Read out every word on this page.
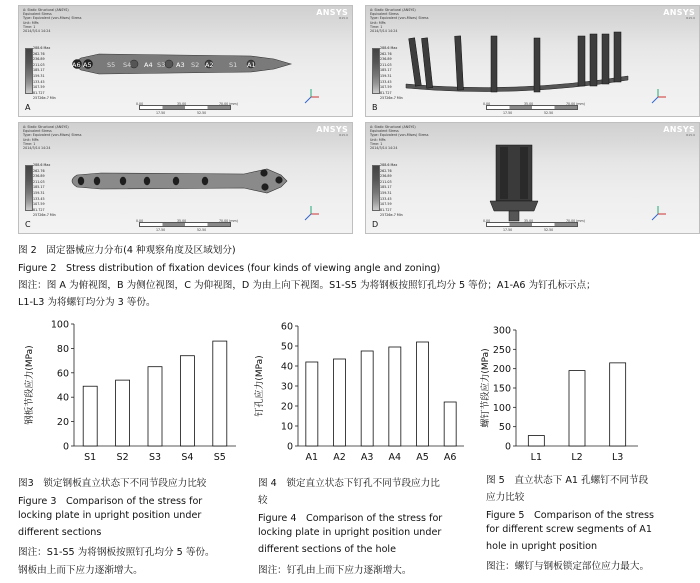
A: Static Structural (ANSYS)
Equivalent Stress
Type: Equivalent (von-Mises) Stress
Unit: MPa
Time: 1
2014/3/14 14:24
ANSYS
R15.0
288.6 Max
262.76
236.89
211.03
185.17
159.31
133.45
107.59
81.727
25726e-7 Min
A6 A5 S5 S4 A4 S3 A3 S2 A2 S1 A1
0.00	35.00	70.00 (mm)
17.50	52.50
A
A: Static Structural (ANSYS)
Equivalent Stress
Type: Equivalent (von-Mises) Stress
Unit: MPa
Time: 1
2014/3/14 14:24
ANSYS
R15.0
288.6 Max
262.76
236.89
211.03
185.17
159.31
133.45
107.59
81.727
25726e-7 Min
0.00	35.00	70.00 (mm)
17.50	52.50
B
A: Static Structural (ANSYS)
Equivalent Stress
Type: Equivalent (von-Mises) Stress
Unit: MPa
Time: 1
2014/3/14 14:24
ANSYS
R15.0
288.6 Max
262.76
236.89
211.03
185.17
159.31
133.45
107.59
81.727
25726e-7 Min
0.00	35.00	70.00 (mm)
17.50	52.50
C
A: Static Structural (ANSYS)
Equivalent Stress
Type: Equivalent (von-Mises) Stress
Unit: MPa
Time: 1
2014/3/14 14:24
ANSYS
R15.0
288.6 Max
262.76
236.89
211.03
185.17
159.31
133.45
107.59
81.727
25726e-7 Min
0.00	35.00	70.00 (mm)
17.50	52.50
D
图 2　固定器械应力分布(4 种观察角度及区域划分)
Figure 2　Stress distribution of fixation devices (four kinds of viewing angle and zoning)
图注：图 A 为俯视图，B 为侧位视图，C 为仰视图，D 为由上向下视图。S1-S5 为将钢板按照钉孔均分 5 等份；A1-A6 为钉孔标示点；
L1-L3 为将螺钉均分为 3 等份。
0
20
40
60
80
100
S1 S2 S3 S4 S5
钢板节段应力(MPa)
0
10
20
30
40
50
60
A1 A2 A3 A4 A5 A6
钉孔应力(MPa)
0
50
100
150
200
250
300
L1	L2	L3
螺钉节段应力(MPa)
图3　锁定钢板直立状态下不同节段应力比较
Figure 3　Comparison of the stress for
locking plate in upright position under
different sections
图注：S1-S5 为将钢板按照钉孔均分 5 等份。
钢板由上而下应力逐渐增大。
图 4　锁定直立状态下钉孔不同节段应力比
较
Figure 4　Comparison of the stress for
locking plate in upright position under
different sections of the hole
图注：钉孔由上而下应力逐渐增大。
图 5　直立状态下 A1 孔螺钉不同节段
应力比较
Figure 5　Comparison of the stress
for different screw segments of A1
hole in upright position
图注：螺钉与钢板锁定部位应力最大。
